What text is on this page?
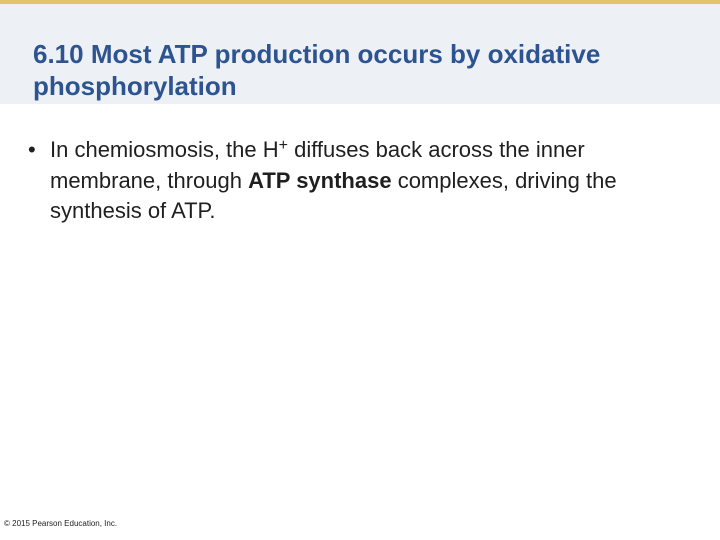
6.10 Most ATP production occurs by oxidative phosphorylation
• In chemiosmosis, the H+ diffuses back across the inner membrane, through ATP synthase complexes, driving the synthesis of ATP.
© 2015 Pearson Education, Inc.
